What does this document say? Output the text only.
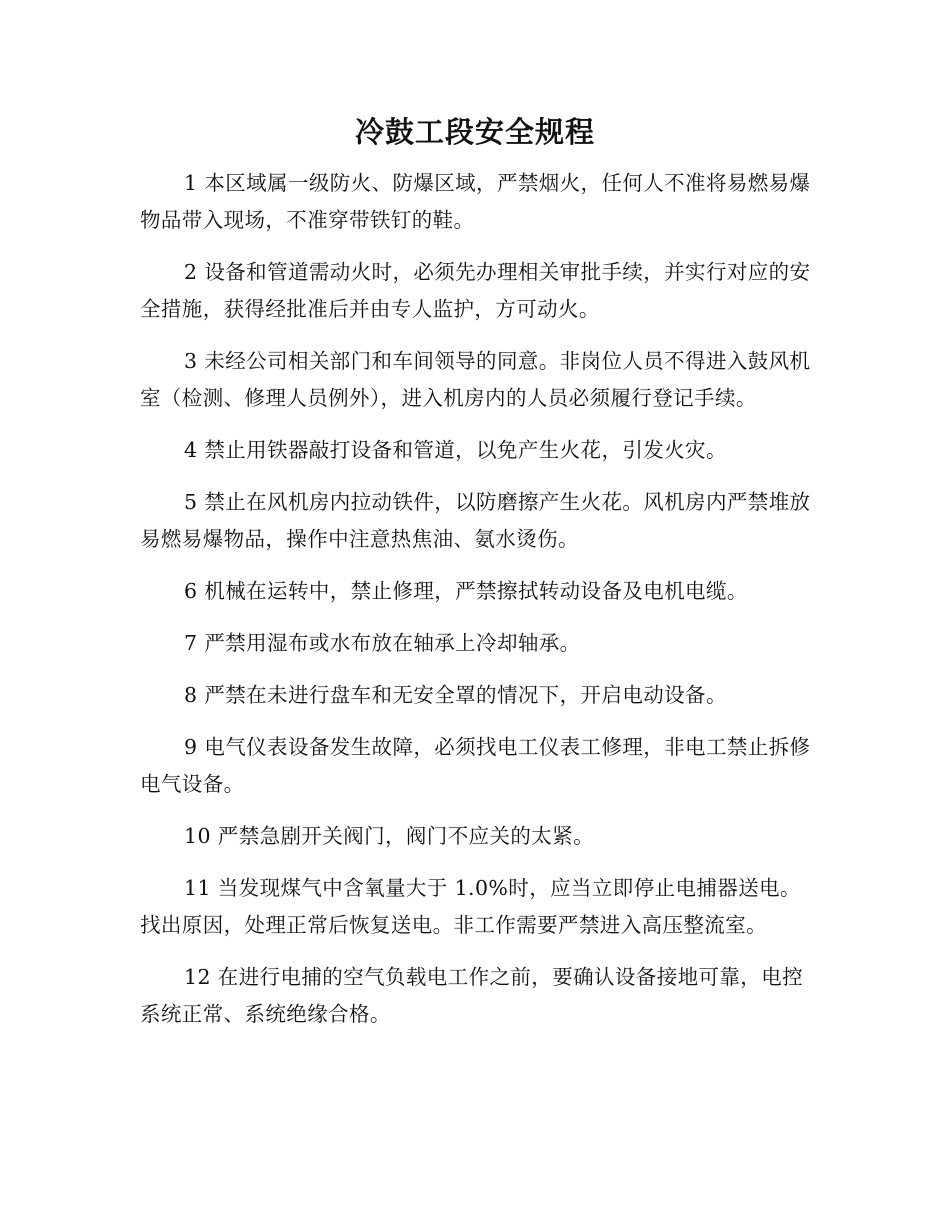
冷鼓工段安全规程

1 本区域属一级防火、防爆区域，严禁烟火，任何人不准将易燃易爆物品带入现场，不准穿带铁钉的鞋。

2 设备和管道需动火时，必须先办理相关审批手续，并实行对应的安全措施，获得经批准后并由专人监护，方可动火。

3 未经公司相关部门和车间领导的同意。非岗位人员不得进入鼓风机室（检测、修理人员例外），进入机房内的人员必须履行登记手续。

4 禁止用铁器敲打设备和管道，以免产生火花，引发火灾。

5 禁止在风机房内拉动铁件，以防磨擦产生火花。风机房内严禁堆放易燃易爆物品，操作中注意热焦油、氨水烫伤。

6 机械在运转中，禁止修理，严禁擦拭转动设备及电机电缆。

7 严禁用湿布或水布放在轴承上冷却轴承。

8 严禁在未进行盘车和无安全罩的情况下，开启电动设备。

9 电气仪表设备发生故障，必须找电工仪表工修理，非电工禁止拆修电气设备。

10 严禁急剧开关阀门，阀门不应关的太紧。

11 当发现煤气中含氧量大于 1.0%时，应当立即停止电捕器送电。找出原因，处理正常后恢复送电。非工作需要严禁进入高压整流室。

12 在进行电捕的空气负载电工作之前，要确认设备接地可靠，电控系统正常、系统绝缘合格。
